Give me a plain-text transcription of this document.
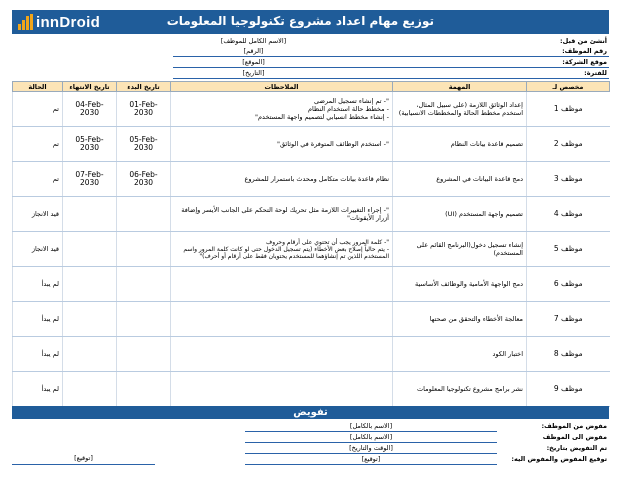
innDroid	توزيع مهام اعداد مشروع تكنولوجيا المعلومات
	[الاسم الكامل للموظف]		أنشئ من قبل:
	[الرقم]		رقم الموظف:
	[الموقع]		موقع الشركة:
	[التاريخ]		للفترة:
الحالة	تاريخ الانتهاء	تاريخ البدء	الملاحظات	المهمة	مخصص لـ
تم	04-Feb-2030	01-Feb-2030	"- تم إنشاء تسجيل المرضى
- مخطط حالة استخدام النظام
- إنشاء مخطط انسيابي لتصميم واجهة المستخدم"	إعداد الوثائق اللازمة (على سبيل المثال، استخدم مخطط الحالة والمخططات الانسيابية)	موظف 1
تم	05-Feb-2030	05-Feb-2030	"- استخدم الوظائف المتوفرة في الوثائق"	تصميم قاعدة بيانات النظام	موظف 2
تم	07-Feb-2030	06-Feb-2030	نظام قاعدة بيانات متكامل ومحدث باستمرار للمشروع	دمج قاعدة البيانات في المشروع	موظف 3
قيد الانجاز			"- إجراء التغييرات اللازمة مثل تحريك لوحة التحكم على الجانب الأيسر وإضافة أزرار الأيقونات"	تصميم واجهة المستخدم (UI)	موظف 4
قيد الانجاز			"- كلمة المرور يجب أن تحتوي على أرقام وحروف
- يتم حالياً إصلاح بعض الأخطاء (يتم تسجيل الدخول حتى لو كانت كلمة المرور واسم المستخدم اللذين تم إنشاؤهما للمستخدم يحتويان فقط على أرقام أو أحرف)"	إنشاء تسجيل دخول(البرنامج القائم على المستخدم)	موظف 5
لم يبدأ				دمج الواجهة الأمامية والوظائف الأساسية	موظف 6
لم يبدأ				معالجة الأخطاء والتحقق من صحتها	موظف 7
لم يبدأ				اختبار الكود	موظف 8
لم يبدأ				نشر برامج مشروع تكنولوجيا المعلومات	موظف 9
تفويض
		[الاسم بالكامل]	مفوض من الموظف:
		[الاسم بالكامل]	مفوض الى الموظف
		[الوقت والتاريخ]	تم التفويض بتاريخ:
[توقيع]		[توقيع]	توقيع المفوض والمفوض اليه:
